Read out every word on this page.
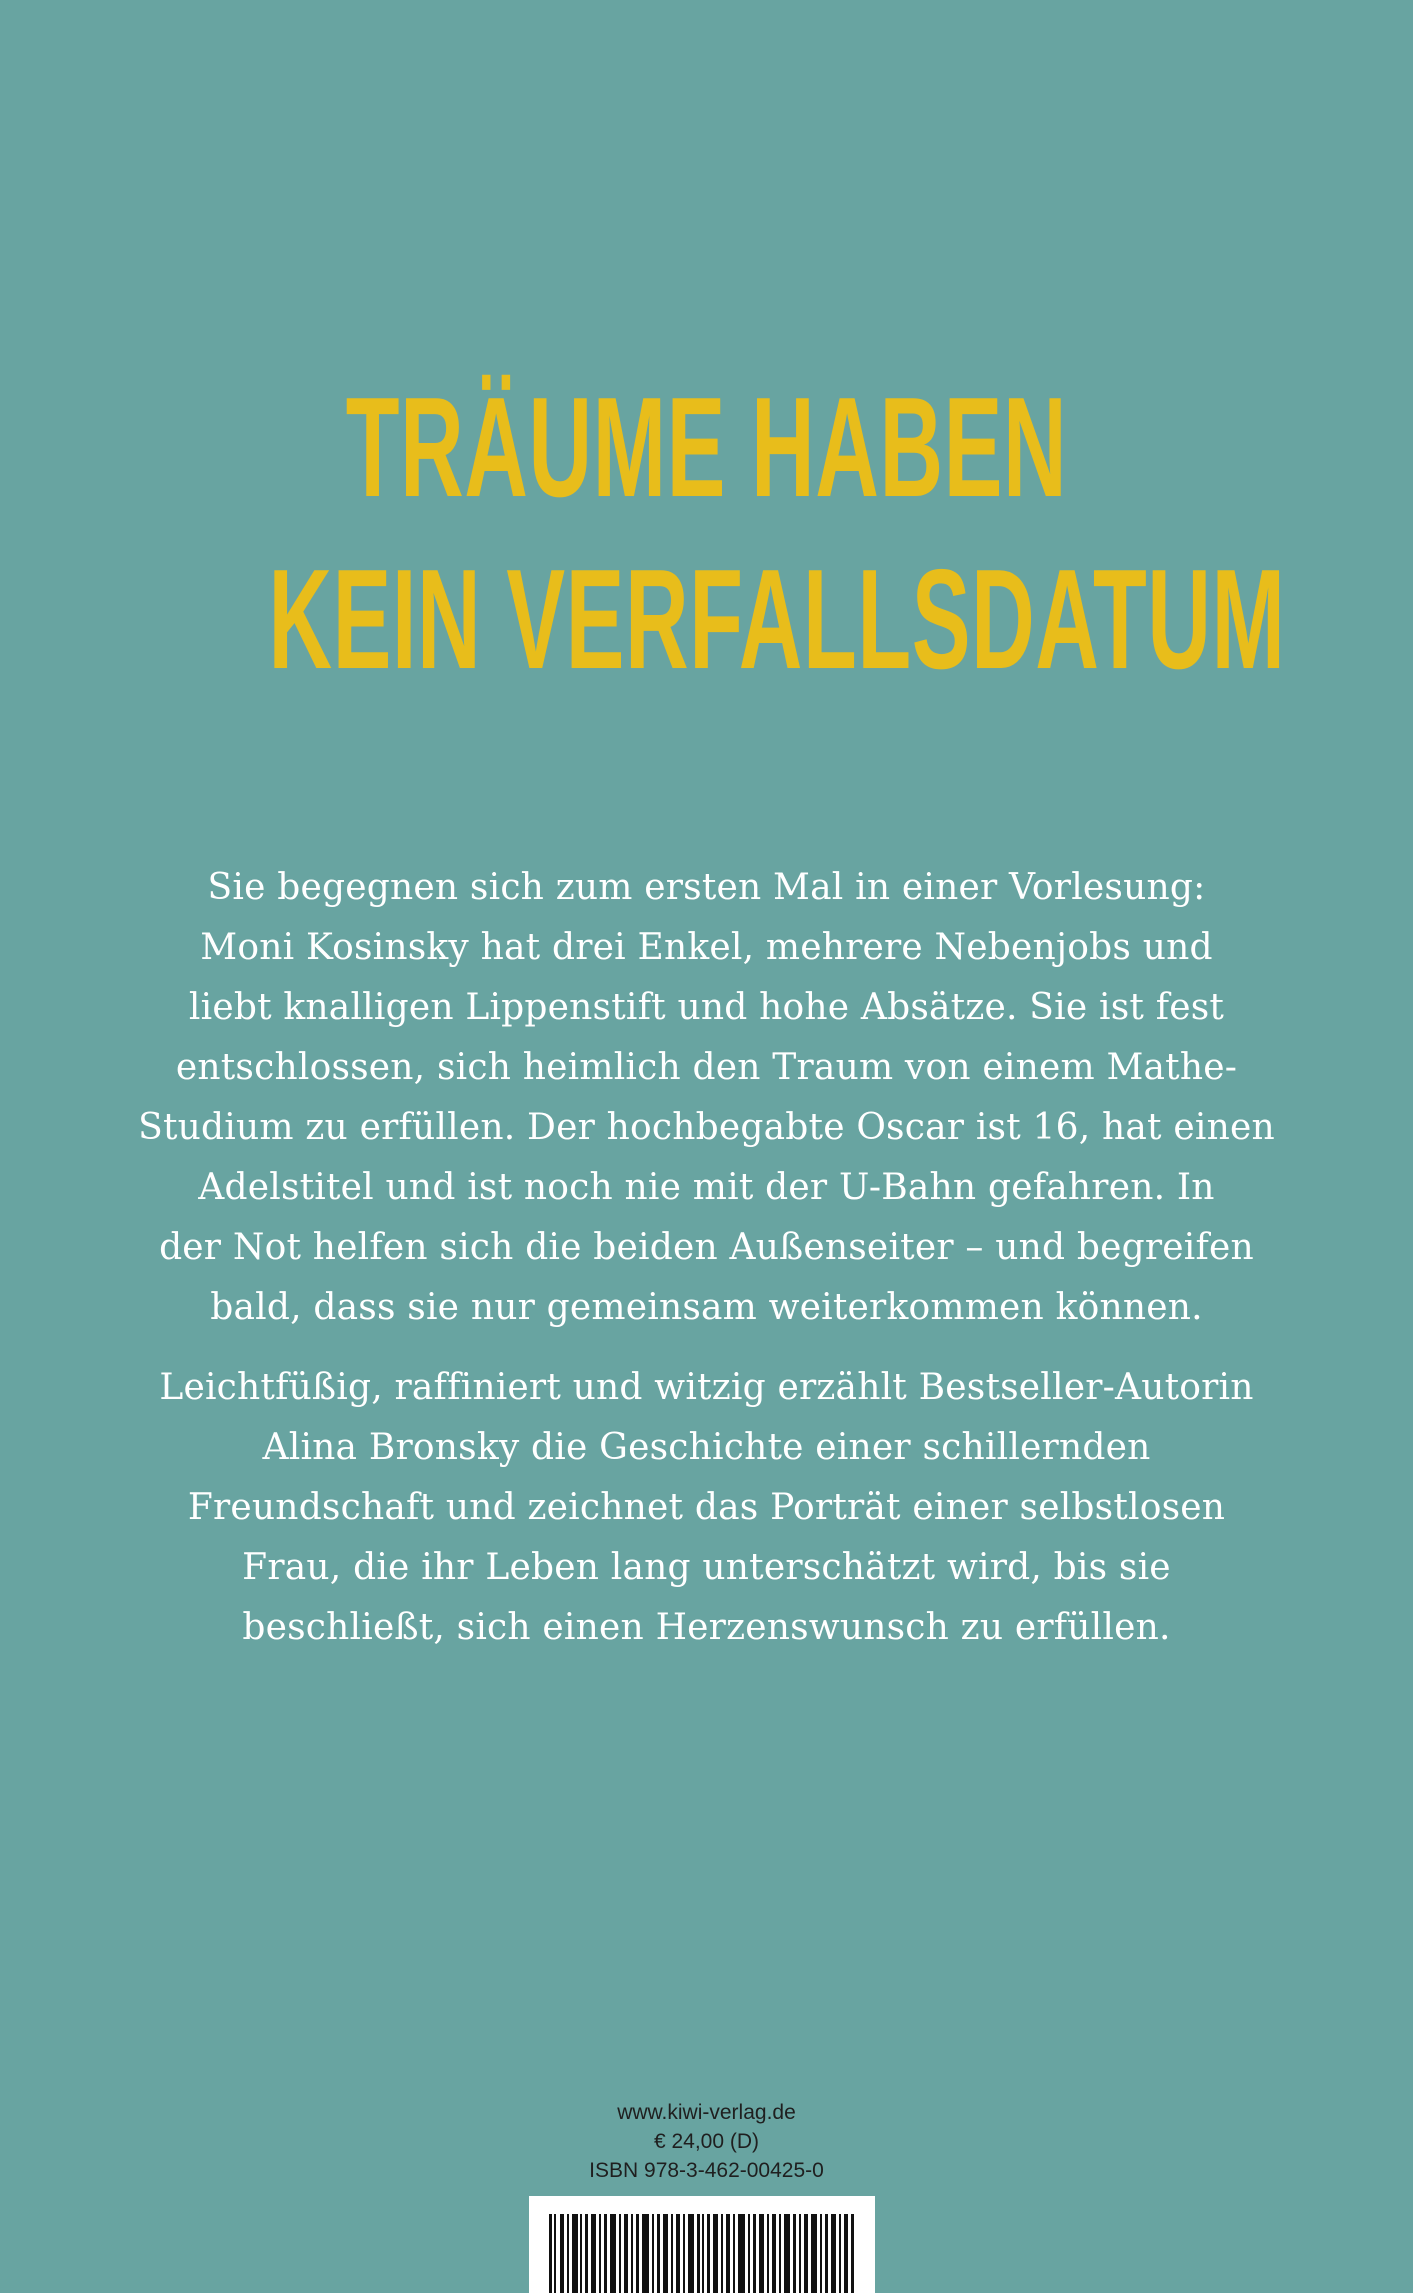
TRÄUME HABEN
KEIN VERFALLSDATUM
Sie begegnen sich zum ersten Mal in einer Vorlesung:
Moni Kosinsky hat drei Enkel, mehrere Nebenjobs und
liebt knalligen Lippenstift und hohe Absätze. Sie ist fest
entschlossen, sich heimlich den Traum von einem Mathe-
Studium zu erfüllen. Der hochbegabte Oscar ist 16, hat einen
Adelstitel und ist noch nie mit der U-Bahn gefahren. In
der Not helfen sich die beiden Außenseiter – und begreifen
bald, dass sie nur gemeinsam weiterkommen können.
Leichtfüßig, raffiniert und witzig erzählt Bestseller-Autorin
Alina Bronsky die Geschichte einer schillernden
Freundschaft und zeichnet das Porträt einer selbstlosen
Frau, die ihr Leben lang unterschätzt wird, bis sie
beschließt, sich einen Herzenswunsch zu erfüllen.
www.kiwi-verlag.de
€ 24,00 (D)
ISBN 978-3-462-00425-0
